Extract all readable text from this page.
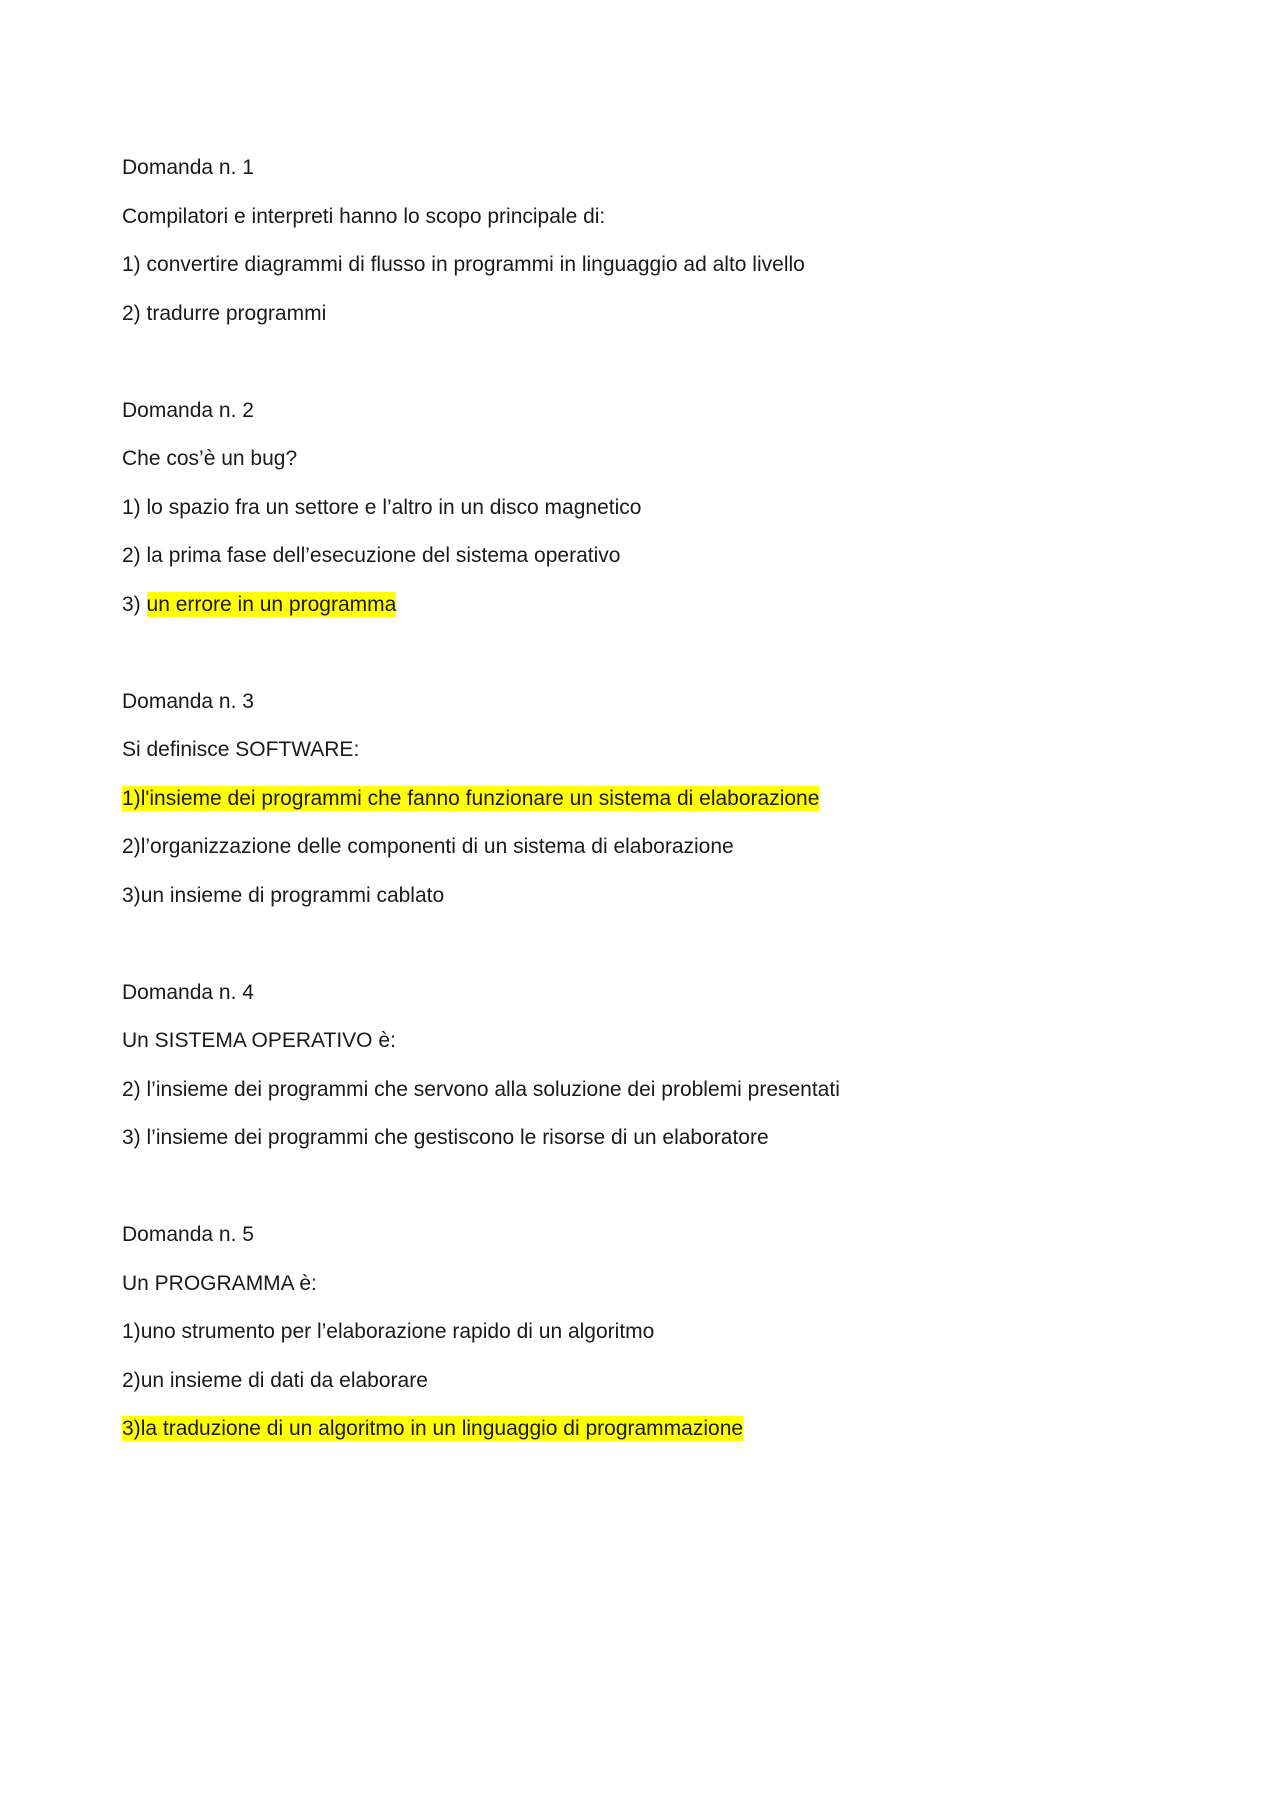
Domanda n. 1
Compilatori e interpreti hanno lo scopo principale di:
1) convertire diagrammi di flusso in programmi in linguaggio ad alto livello
2) tradurre programmi
Domanda n. 2
Che cos’è un bug?
1) lo spazio fra un settore e l’altro in un disco magnetico
2) la prima fase dell’esecuzione del sistema operativo
3) un errore in un programma
Domanda n. 3
Si definisce SOFTWARE:
1)l'insieme dei programmi che fanno funzionare un sistema di elaborazione
2)l’organizzazione delle componenti di un sistema di elaborazione
3)un insieme di programmi cablato
Domanda n. 4
Un SISTEMA OPERATIVO è:
2) l’insieme dei programmi che servono alla soluzione dei problemi presentati
3) l’insieme dei programmi che gestiscono le risorse di un elaboratore
Domanda n. 5
Un PROGRAMMA è:
1)uno strumento per l’elaborazione rapido di un algoritmo
2)un insieme di dati da elaborare
3)la traduzione di un algoritmo in un linguaggio di programmazione
